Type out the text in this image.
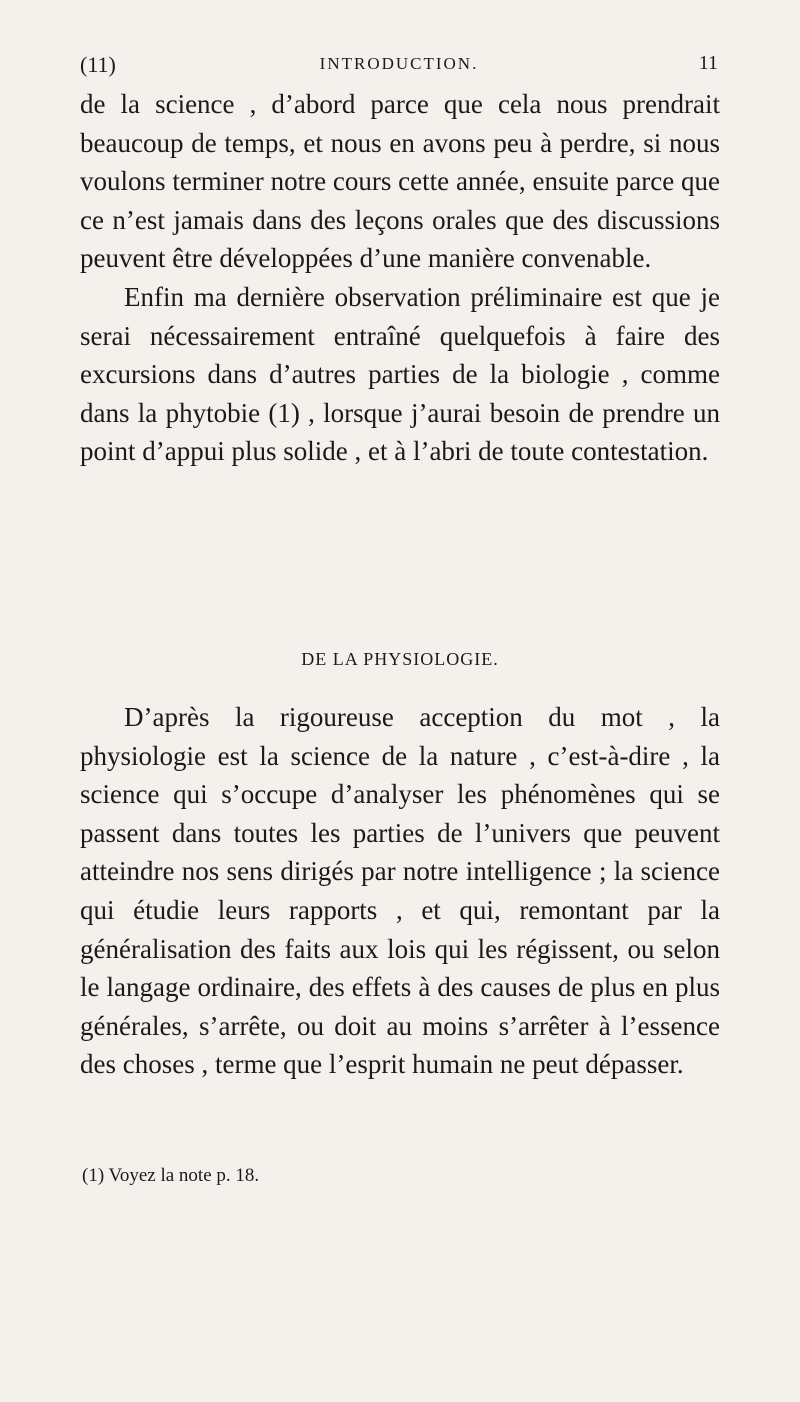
(11)	INTRODUCTION.	11

de la science , d’abord parce que cela nous prendrait beaucoup de temps, et nous en avons peu à perdre, si nous voulons terminer notre cours cette année, ensuite parce que ce n’est jamais dans des leçons orales que des discussions peuvent être développées d’une manière convenable.

Enfin ma dernière observation préliminaire est que je serai nécessairement entraîné quelquefois à faire des excursions dans d’autres parties de la biologie , comme dans la phytobie (1) , lorsque j’aurai besoin de prendre un point d’appui plus solide , et à l’abri de toute contestation.

DE LA PHYSIOLOGIE.

D’après la rigoureuse acception du mot , la physiologie est la science de la nature , c’est-à-dire , la science qui s’occupe d’analyser les phénomènes qui se passent dans toutes les parties de l’univers que peuvent atteindre nos sens dirigés par notre intelligence ; la science qui étudie leurs rapports , et qui, remontant par la généralisation des faits aux lois qui les régissent, ou selon le langage ordinaire, des effets à des causes de plus en plus générales, s’arrête, ou doit au moins s’arrêter à l’essence des choses , terme que l’esprit humain ne peut dépasser.

(1) Voyez la note p. 18.
